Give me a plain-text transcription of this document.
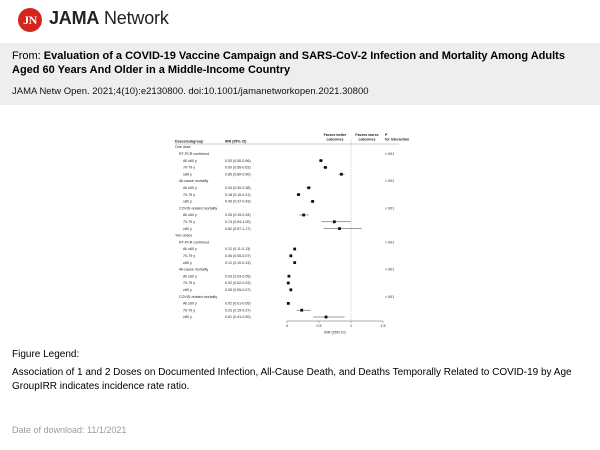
JN JAMA Network
From: Evaluation of a COVID-19 Vaccine Campaign and SARS-CoV-2 Infection and Mortality Among Adults Aged 60 Years And Older in a Middle-Income Country
JAMA Netw Open. 2021;4(10):e2130800. doi:10.1001/jamanetworkopen.2021.30800
Doses/subgroup	IRR (95% CI)
Favors better outcomes
Favors worse outcomes
P for interaction
One dose
RT-PCR confirmed	<.001
All ≥60 y	0.53 (0.50-0.56)
70-79 y	0.60 (0.56-0.63)
≥80 y	0.85 (0.80-0.90)
All-cause mortality	<.001
All ≥60 y	0.34 (0.30-0.38)
70-79 y	0.18 (0.15-0.21)
≥80 y	0.40 (0.37-0.43)
COVID-related mortality	<.001
All ≥60 y	0.26 (0.19-0.34)
70-79 y	0.74 (0.54-1.00)
≥80 y	0.82 (0.57-1.17)
Two doses
RT-PCR confirmed	<.001
All ≥60 y	0.12 (0.11-0.13)
70-79 y	0.06 (0.05-0.07)
≥80 y	0.12 (0.10-0.13)
All-cause mortality	<.001
All ≥60 y	0.03 (0.03-0.05)
70-79 y	0.02 (0.02-0.03)
≥80 y	0.06 (0.05-0.07)
COVID-related mortality	<.001
All ≥60 y	0.02 (0.01-0.05)
70-79 y	0.23 (0.15-0.37)
≥80 y	0.61 (0.41-0.90)
0	0.5	1	1.5
IRR (95% CI)
Figure Legend:
Association of 1 and 2 Doses on Documented Infection, All-Cause Death, and Deaths Temporally Related to COVID-19 by Age GroupIRR indicates incidence rate ratio.
Date of download: 11/1/2021
